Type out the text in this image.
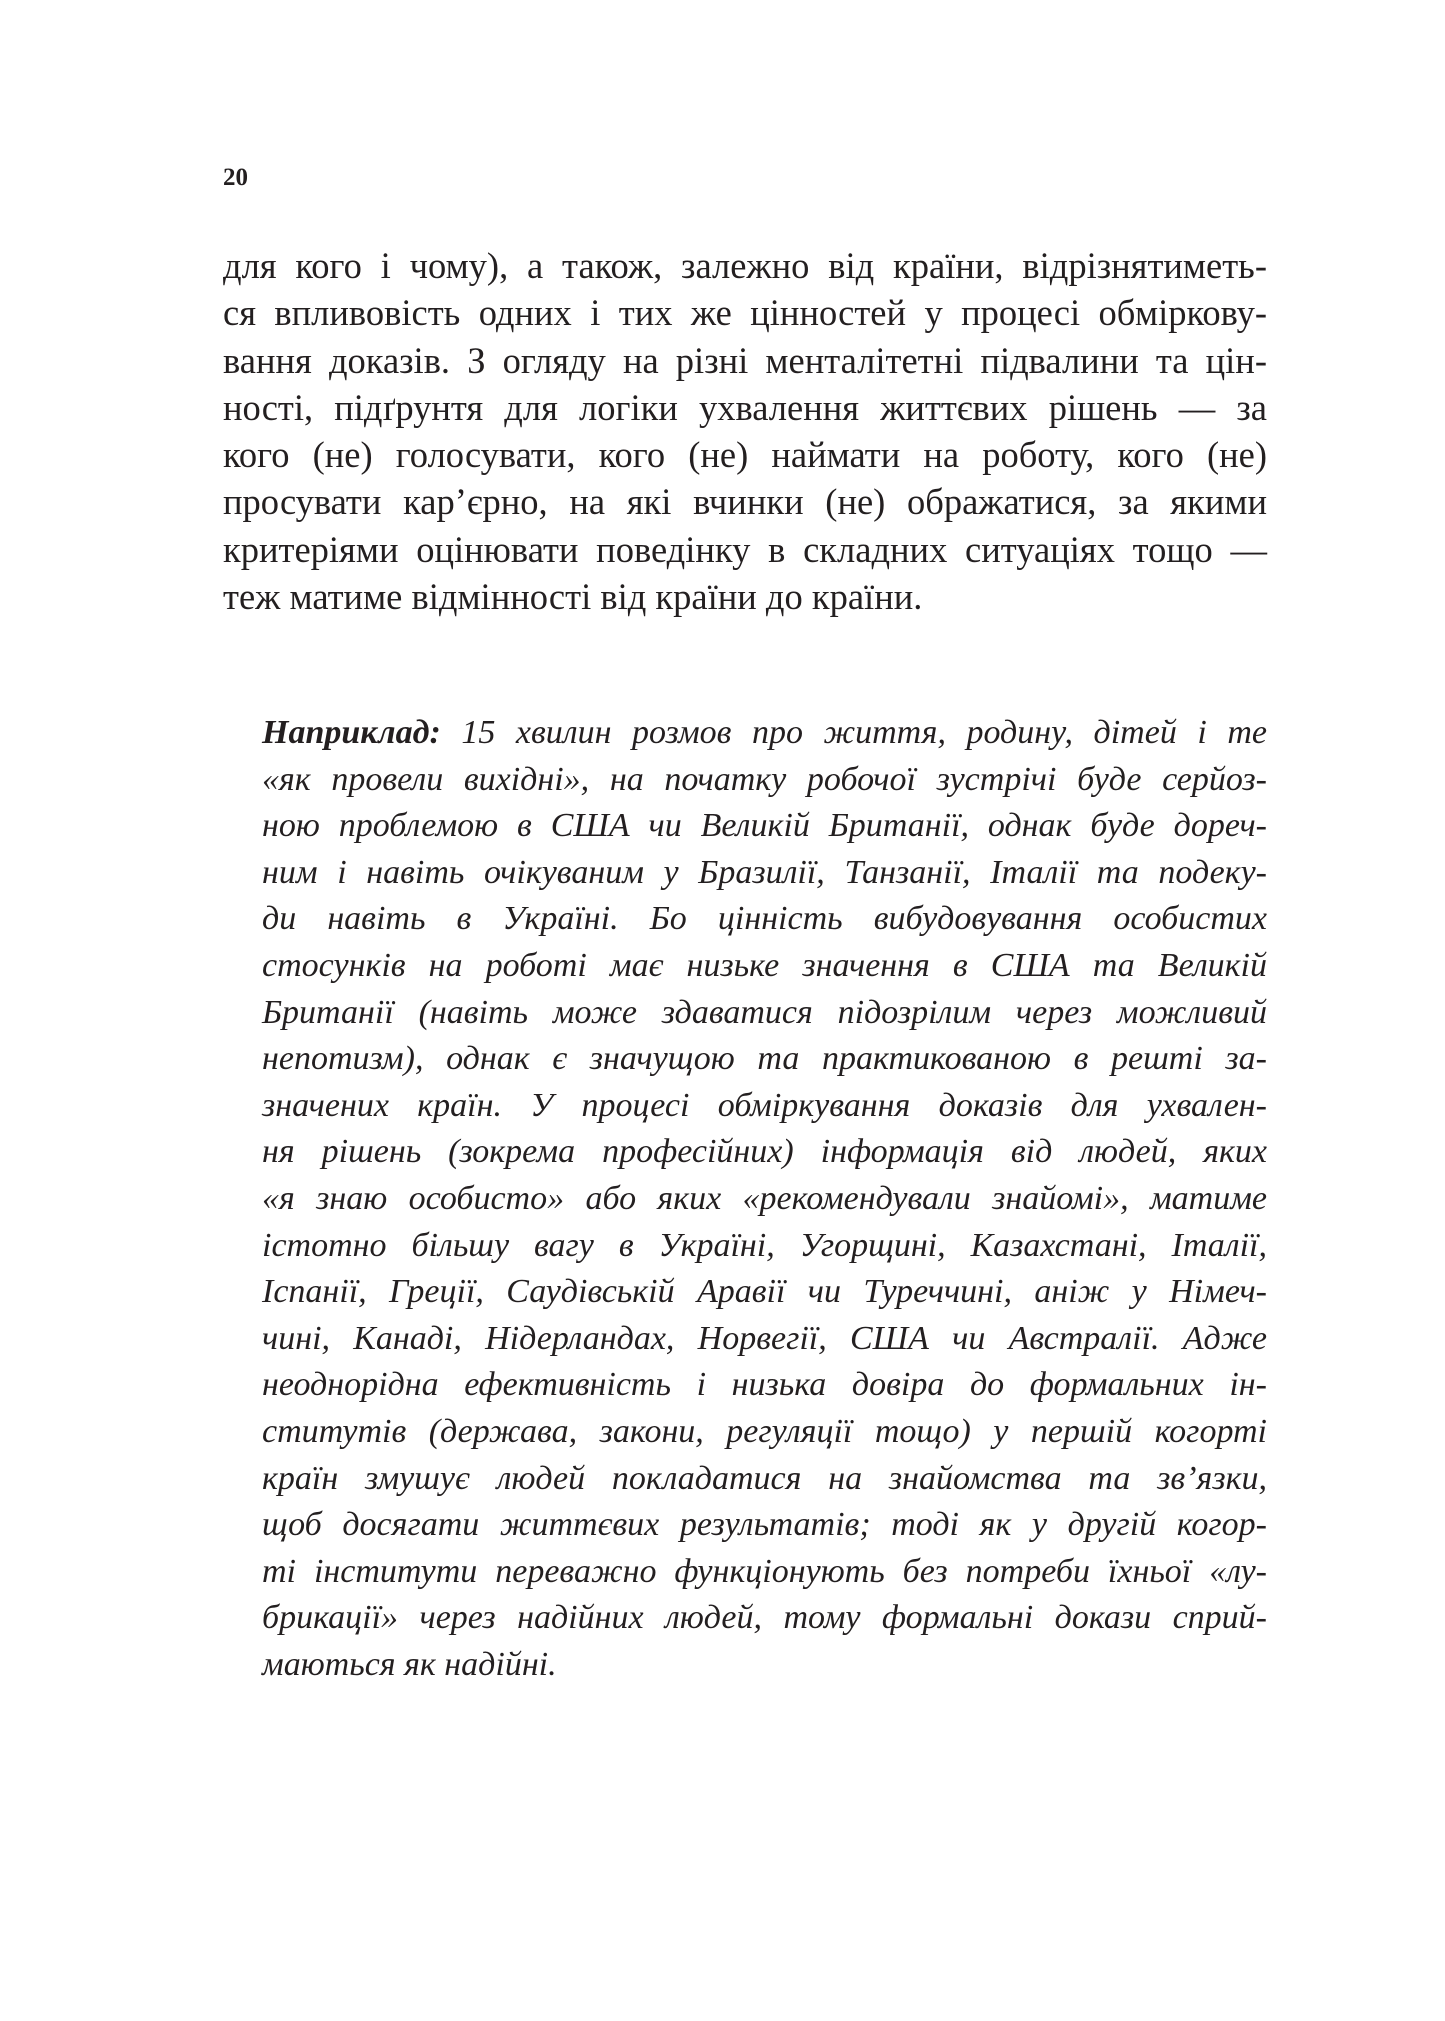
20
для кого і чому), а також, залежно від країни, відрізнятиметь-
ся впливовість одних і тих же цінностей у процесі обміркову-
вання доказів. З огляду на різні менталітетні підвалини та цін-
ності, підґрунтя для логіки ухвалення життєвих рішень — за
кого (не) голосувати, кого (не) наймати на роботу, кого (не)
просувати кар’єрно, на які вчинки (не) ображатися, за якими
критеріями оцінювати поведінку в складних ситуаціях тощо —
теж матиме відмінності від країни до країни.
Наприклад: 15 хвилин розмов про життя, родину, дітей і те
«як провели вихідні», на початку робочої зустрічі буде серйоз-
ною проблемою в США чи Великій Британії, однак буде дореч-
ним і навіть очікуваним у Бразилії, Танзанії, Італії та подеку-
ди навіть в Україні. Бо цінність вибудовування особистих
стосунків на роботі має низьке значення в США та Великій
Британії (навіть може здаватися підозрілим через можливий
непотизм), однак є значущою та практикованою в решті за-
значених країн. У процесі обміркування доказів для ухвален-
ня рішень (зокрема професійних) інформація від людей, яких
«я знаю особисто» або яких «рекомендували знайомі», матиме
істотно більшу вагу в Україні, Угорщині, Казахстані, Італії,
Іспанії, Греції, Саудівській Аравії чи Туреччині, аніж у Німеч-
чині, Канаді, Нідерландах, Норвегії, США чи Австралії. Адже
неоднорідна ефективність і низька довіра до формальних ін-
ститутів (держава, закони, регуляції тощо) у першій когорті
країн змушує людей покладатися на знайомства та зв’язки,
щоб досягати життєвих результатів; тоді як у другій когор-
ті інститути переважно функціонують без потреби їхньої «лу-
брикації» через надійних людей, тому формальні докази сприй-
маються як надійні.
